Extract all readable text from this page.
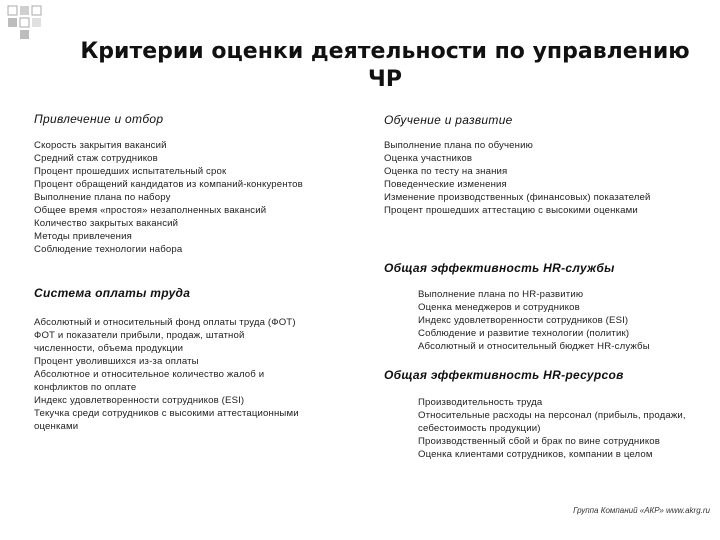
Критерии оценки деятельности по управлению ЧР
Привлечение и отбор
Скорость закрытия вакансий
Средний стаж сотрудников
Процент прошедших испытательный срок
Процент обращений кандидатов из компаний-конкурентов
Выполнение плана по набору
Общее время «простоя» незаполненных вакансий
Количество закрытых вакансий
Методы привлечения
Соблюдение технологии набора
Обучение и развитие
Выполнение плана по обучению
Оценка участников
Оценка по тесту на знания
Поведенческие изменения
Изменение производственных (финансовых) показателей
Процент прошедших аттестацию с высокими оценками
Общая эффективность HR-службы
Выполнение плана по HR-развитию
Оценка менеджеров и сотрудников
Индекс удовлетворенности сотрудников (ESI)
Соблюдение и развитие технологии (политик)
Абсолютный и относительный бюджет HR-службы
Система оплаты труда
Абсолютный и относительный фонд оплаты труда (ФОТ)
ФОТ и показатели прибыли, продаж, штатной численности, объема продукции
Процент уволившихся из-за оплаты
Абсолютное и относительное количество жалоб и конфликтов по оплате
Индекс удовлетворенности сотрудников (ESI)
Текучка среди сотрудников с высокими аттестационными оценками
Общая эффективность HR-ресурсов
Производительность труда
Относительные расходы на персонал (прибыль, продажи, себестоимость продукции)
Производственный сбой и брак по вине сотрудников
Оценка клиентами сотрудников, компании в целом
Группа Компаний «АКР» www.akrg.ru
